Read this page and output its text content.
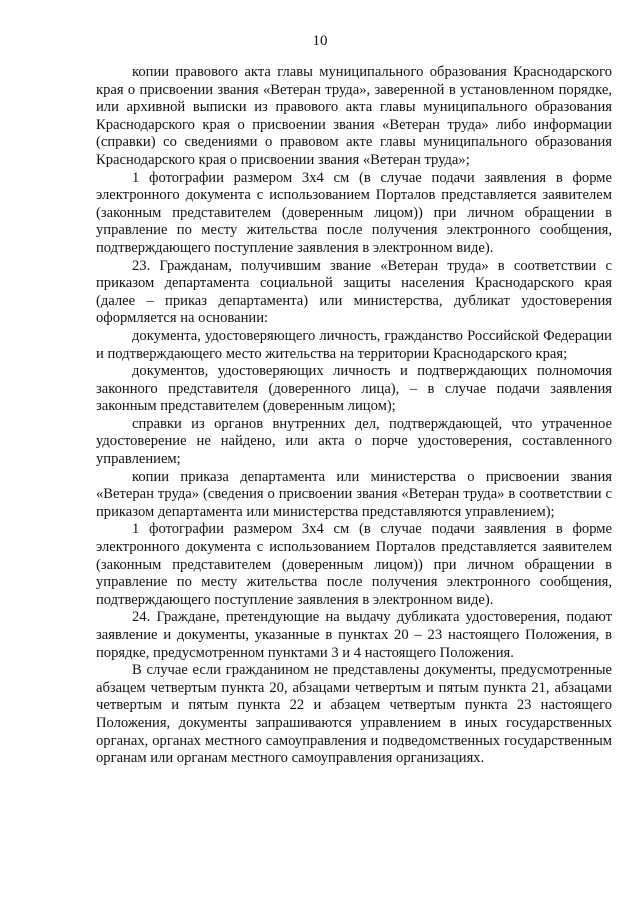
10

копии правового акта главы муниципального образования Краснодарского края о присвоении звания «Ветеран труда», заверенной в установленном порядке, или архивной выписки из правового акта главы муниципального образования Краснодарского края о присвоении звания «Ветеран труда» либо информации (справки) со сведениями о правовом акте главы муниципального образования Краснодарского края о присвоении звания «Ветеран труда»;

1 фотографии размером 3х4 см (в случае подачи заявления в форме электронного документа с использованием Порталов представляется заявителем (законным представителем (доверенным лицом)) при личном обращении в управление по месту жительства после получения электронного сообщения, подтверждающего поступление заявления в электронном виде).

23. Гражданам, получившим звание «Ветеран труда» в соответствии с приказом департамента социальной защиты населения Краснодарского края (далее – приказ департамента) или министерства, дубликат удостоверения оформляется на основании:

документа, удостоверяющего личность, гражданство Российской Федерации и подтверждающего место жительства на территории Краснодарского края;

документов, удостоверяющих личность и подтверждающих полномочия законного представителя (доверенного лица), – в случае подачи заявления законным представителем (доверенным лицом);

справки из органов внутренних дел, подтверждающей, что утраченное удостоверение не найдено, или акта о порче удостоверения, составленного управлением;

копии приказа департамента или министерства о присвоении звания «Ветеран труда» (сведения о присвоении звания «Ветеран труда» в соответствии с приказом департамента или министерства представляются управлением);

1 фотографии размером 3х4 см (в случае подачи заявления в форме электронного документа с использованием Порталов представляется заявителем (законным представителем (доверенным лицом)) при личном обращении в управление по месту жительства после получения электронного сообщения, подтверждающего поступление заявления в электронном виде).

24. Граждане, претендующие на выдачу дубликата удостоверения, подают заявление и документы, указанные в пунктах 20 – 23 настоящего Положения, в порядке, предусмотренном пунктами 3 и 4 настоящего Положения.

В случае если гражданином не представлены документы, предусмотренные абзацем четвертым пункта 20, абзацами четвертым и пятым пункта 21, абзацами четвертым и пятым пункта 22 и абзацем четвертым пункта 23 настоящего Положения, документы запрашиваются управлением в иных государственных органах, органах местного самоуправления и подведомственных государственным органам или органам местного самоуправления организациях.
